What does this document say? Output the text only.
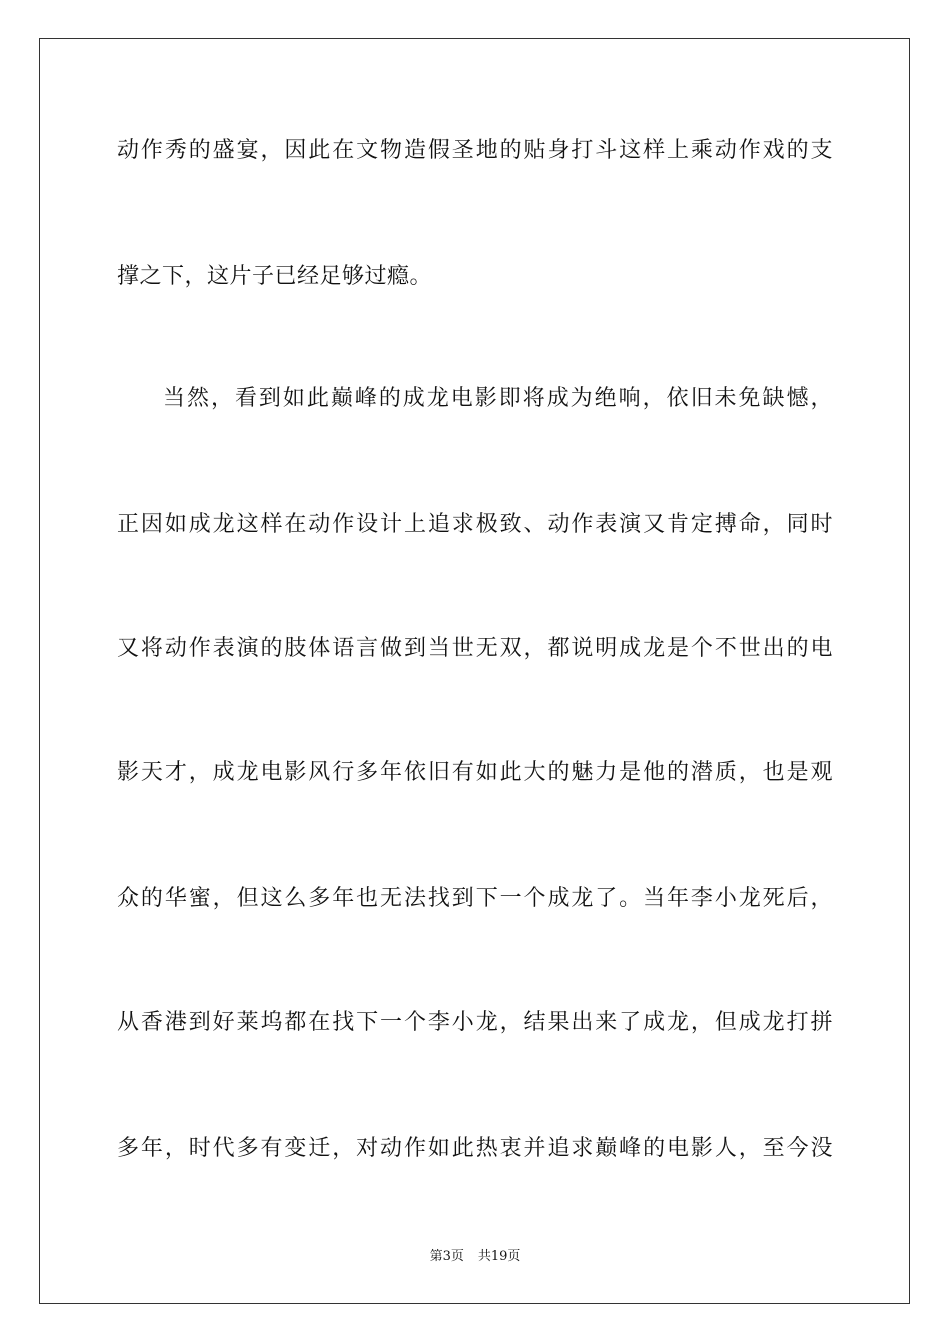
动作秀的盛宴，因此在文物造假圣地的贴身打斗这样上乘动作戏的支
撑之下，这片子已经足够过瘾。
当然，看到如此巅峰的成龙电影即将成为绝响，依旧未免缺憾，
正因如成龙这样在动作设计上追求极致、动作表演又肯定搏命，同时
又将动作表演的肢体语言做到当世无双，都说明成龙是个不世出的电
影天才，成龙电影风行多年依旧有如此大的魅力是他的潜质，也是观
众的华蜜，但这么多年也无法找到下一个成龙了。当年李小龙死后，
从香港到好莱坞都在找下一个李小龙，结果出来了成龙，但成龙打拼
多年，时代多有变迁，对动作如此热衷并追求巅峰的电影人，至今没
第3页 共19页
